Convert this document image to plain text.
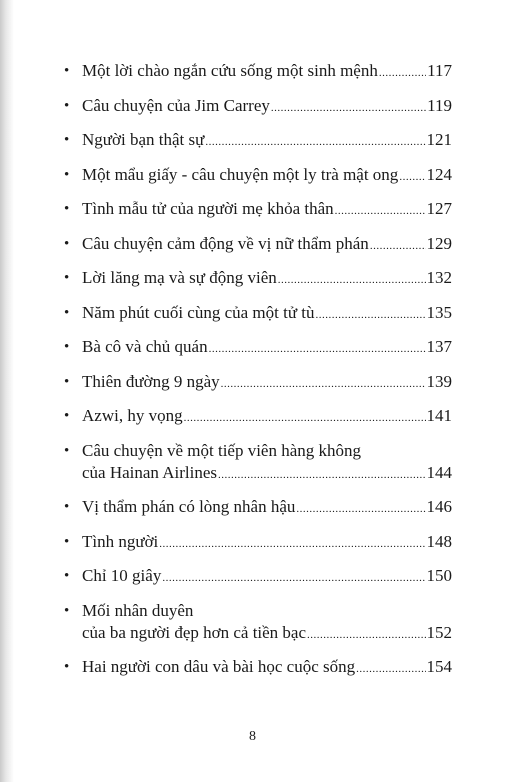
• Một lời chào ngắn cứu sống một sinh mệnh .....	117
• Câu chuyện của Jim Carrey .....	119
• Người bạn thật sự .....	121
• Một mẩu giấy - câu chuyện một ly trà mật ong ..... 124
• Tình mẫu tử của người mẹ khỏa thân .....	127
• Câu chuyện cảm động về vị nữ thẩm phán .....	129
• Lời lăng mạ và sự động viên .....	132
• Năm phút cuối cùng của một tử tù .....	135
• Bà cô và chủ quán .....	137
• Thiên đường 9 ngày .....	139
• Azwi, hy vọng .....	141
• Câu chuyện về một tiếp viên hàng không
của Hainan Airlines .....	144
• Vị thẩm phán có lòng nhân hậu .....	146
• Tình người .....	148
• Chỉ 10 giây .....	150
• Mối nhân duyên
của ba người đẹp hơn cả tiền bạc .....	152
• Hai người con dâu và bài học cuộc sống .....	154
8
